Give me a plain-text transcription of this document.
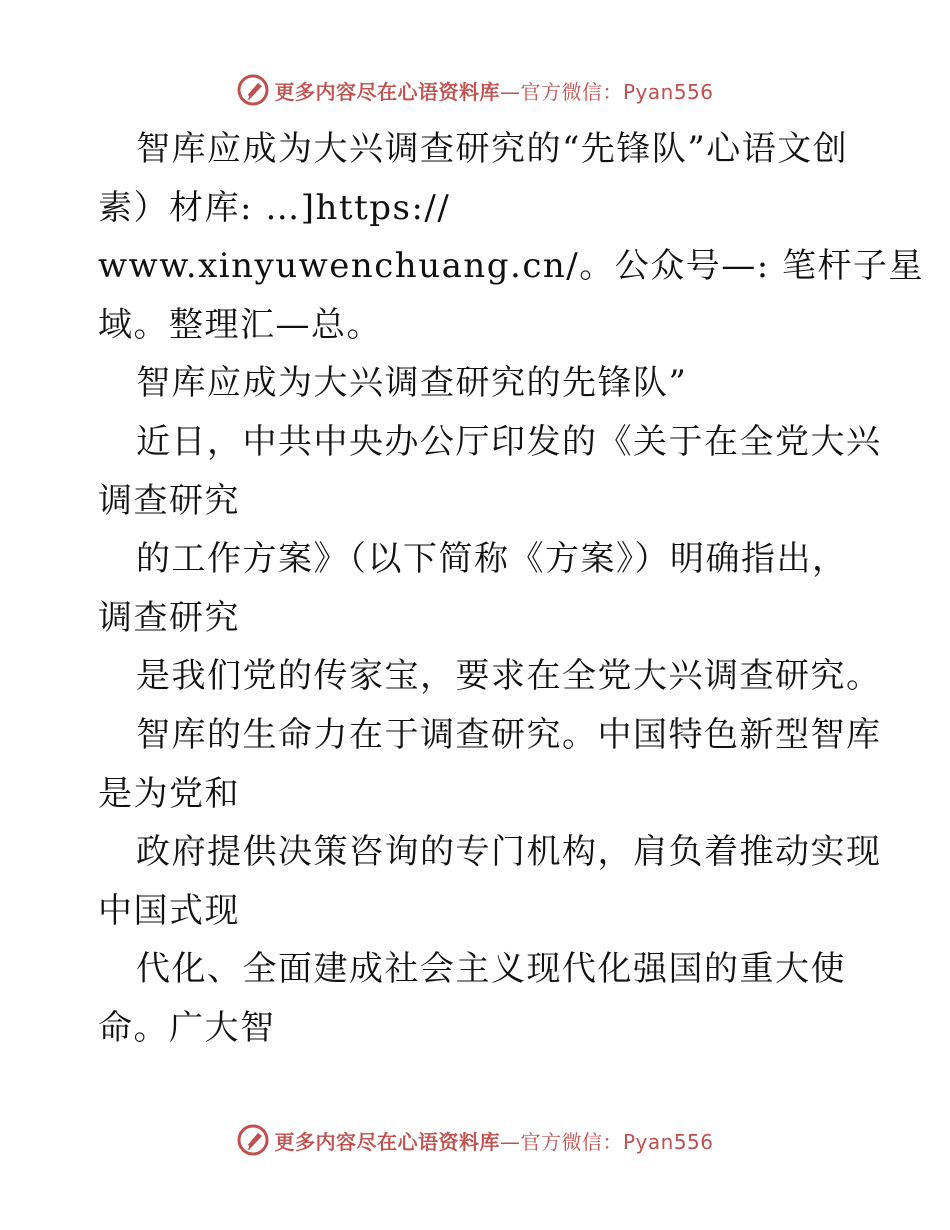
更多内容尽在心语资料库—官方微信：Pyan556
智库应成为大兴调查研究的“先锋队”心语文创
素）材库: …]https://
www.xinyuwenchuang.cn/。公众号—: 笔杆子星
域。整理汇—总。
智库应成为大兴调查研究的先锋队”
近日，中共中央办公厅印发的《关于在全党大兴
调查研究
的工作方案》（以下简称《方案》）明确指出，
调查研究
是我们党的传家宝，要求在全党大兴调查研究。
智库的生命力在于调查研究。中国特色新型智库
是为党和
政府提供决策咨询的专门机构，肩负着推动实现
中国式现
代化、全面建成社会主义现代化强国的重大使
命。广大智
更多内容尽在心语资料库—官方微信：Pyan556
